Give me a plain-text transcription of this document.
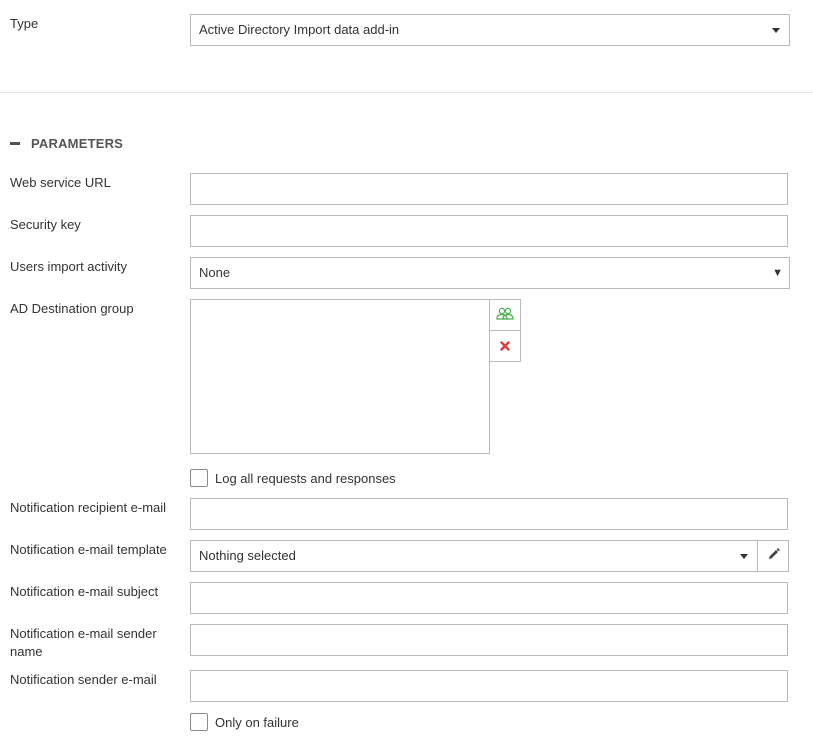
Type	Active Directory Import data add-in
PARAMETERS
Web service URL
Security key
Users import activity	None	▼
AD Destination group
Log all requests and responses
Notification recipient e-mail
Notification e-mail template	Nothing selected
Notification e-mail subject
Notification e-mail sender name
Notification sender e-mail
Only on failure
